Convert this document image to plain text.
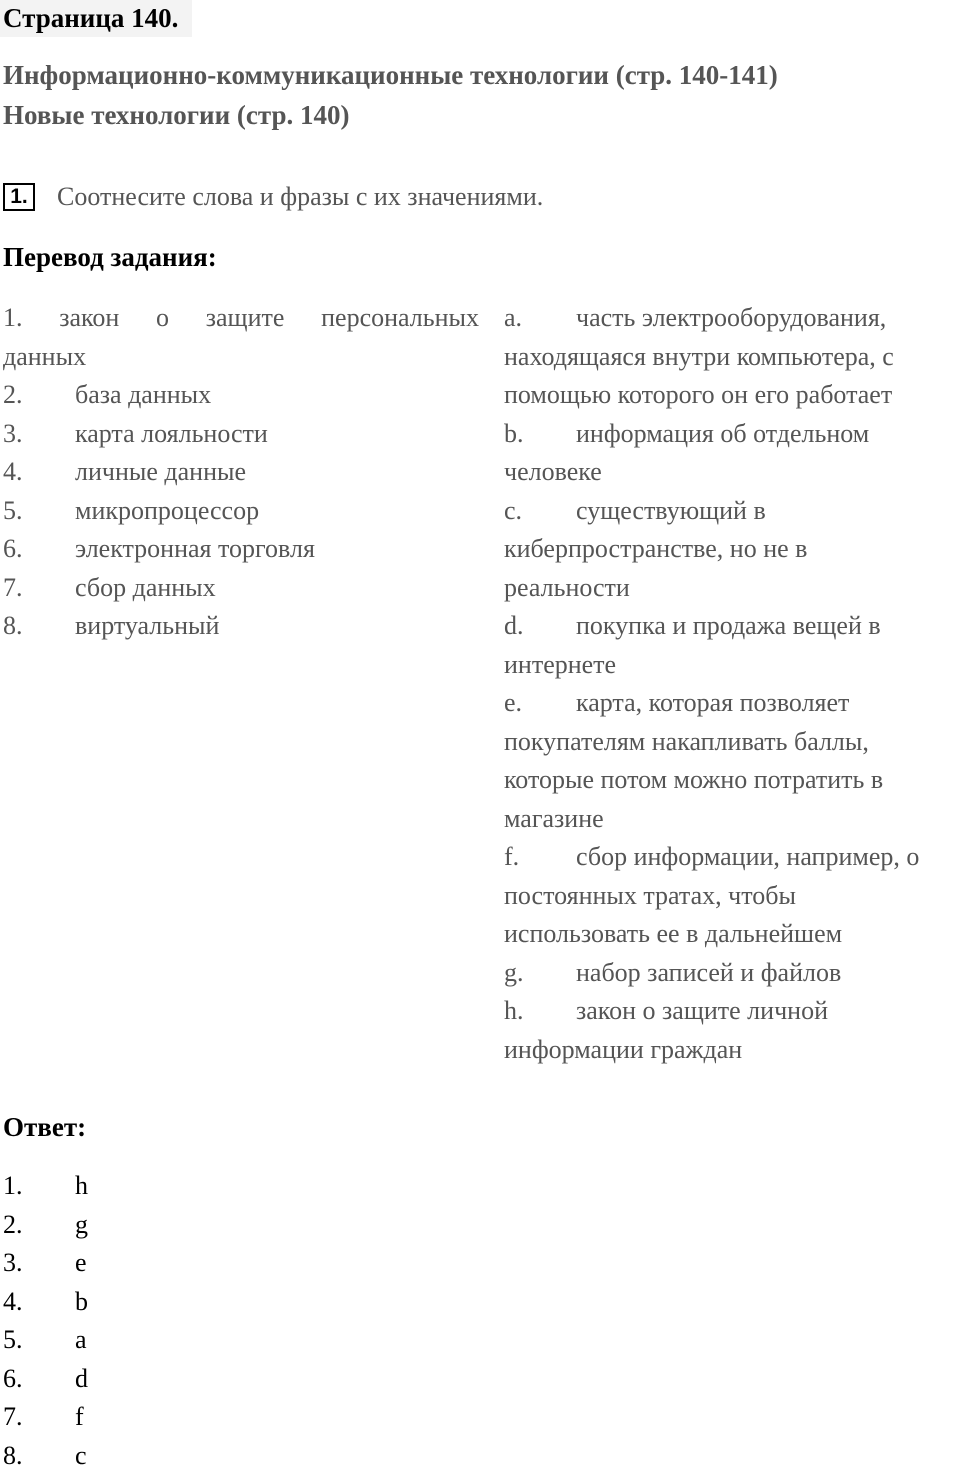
Страница 140.
Информационно-коммуникационные технологии (стр. 140-141)
Новые технологии (стр. 140)
1. Соотнесите слова и фразы с их значениями.
Перевод задания:
1. закон о защите персональных
данных
2. база данных
3. карта лояльности
4. личные данные
5. микропроцессор
6. электронная торговля
7. сбор данных
8. виртуальный
a. часть электрооборудования,
находящаяся внутри компьютера, с
помощью которого он его работает
b. информация об отдельном
человеке
c. существующий в
киберпространстве, но не в
реальности
d. покупка и продажа вещей в
интернете
e. карта, которая позволяет
покупателям накапливать баллы,
которые потом можно потратить в
магазине
f. сбор информации, например, о
постоянных тратах, чтобы
использовать ее в дальнейшем
g. набор записей и файлов
h. закон о защите личной
информации граждан
Ответ:
1. h
2. g
3. e
4. b
5. a
6. d
7. f
8. c
